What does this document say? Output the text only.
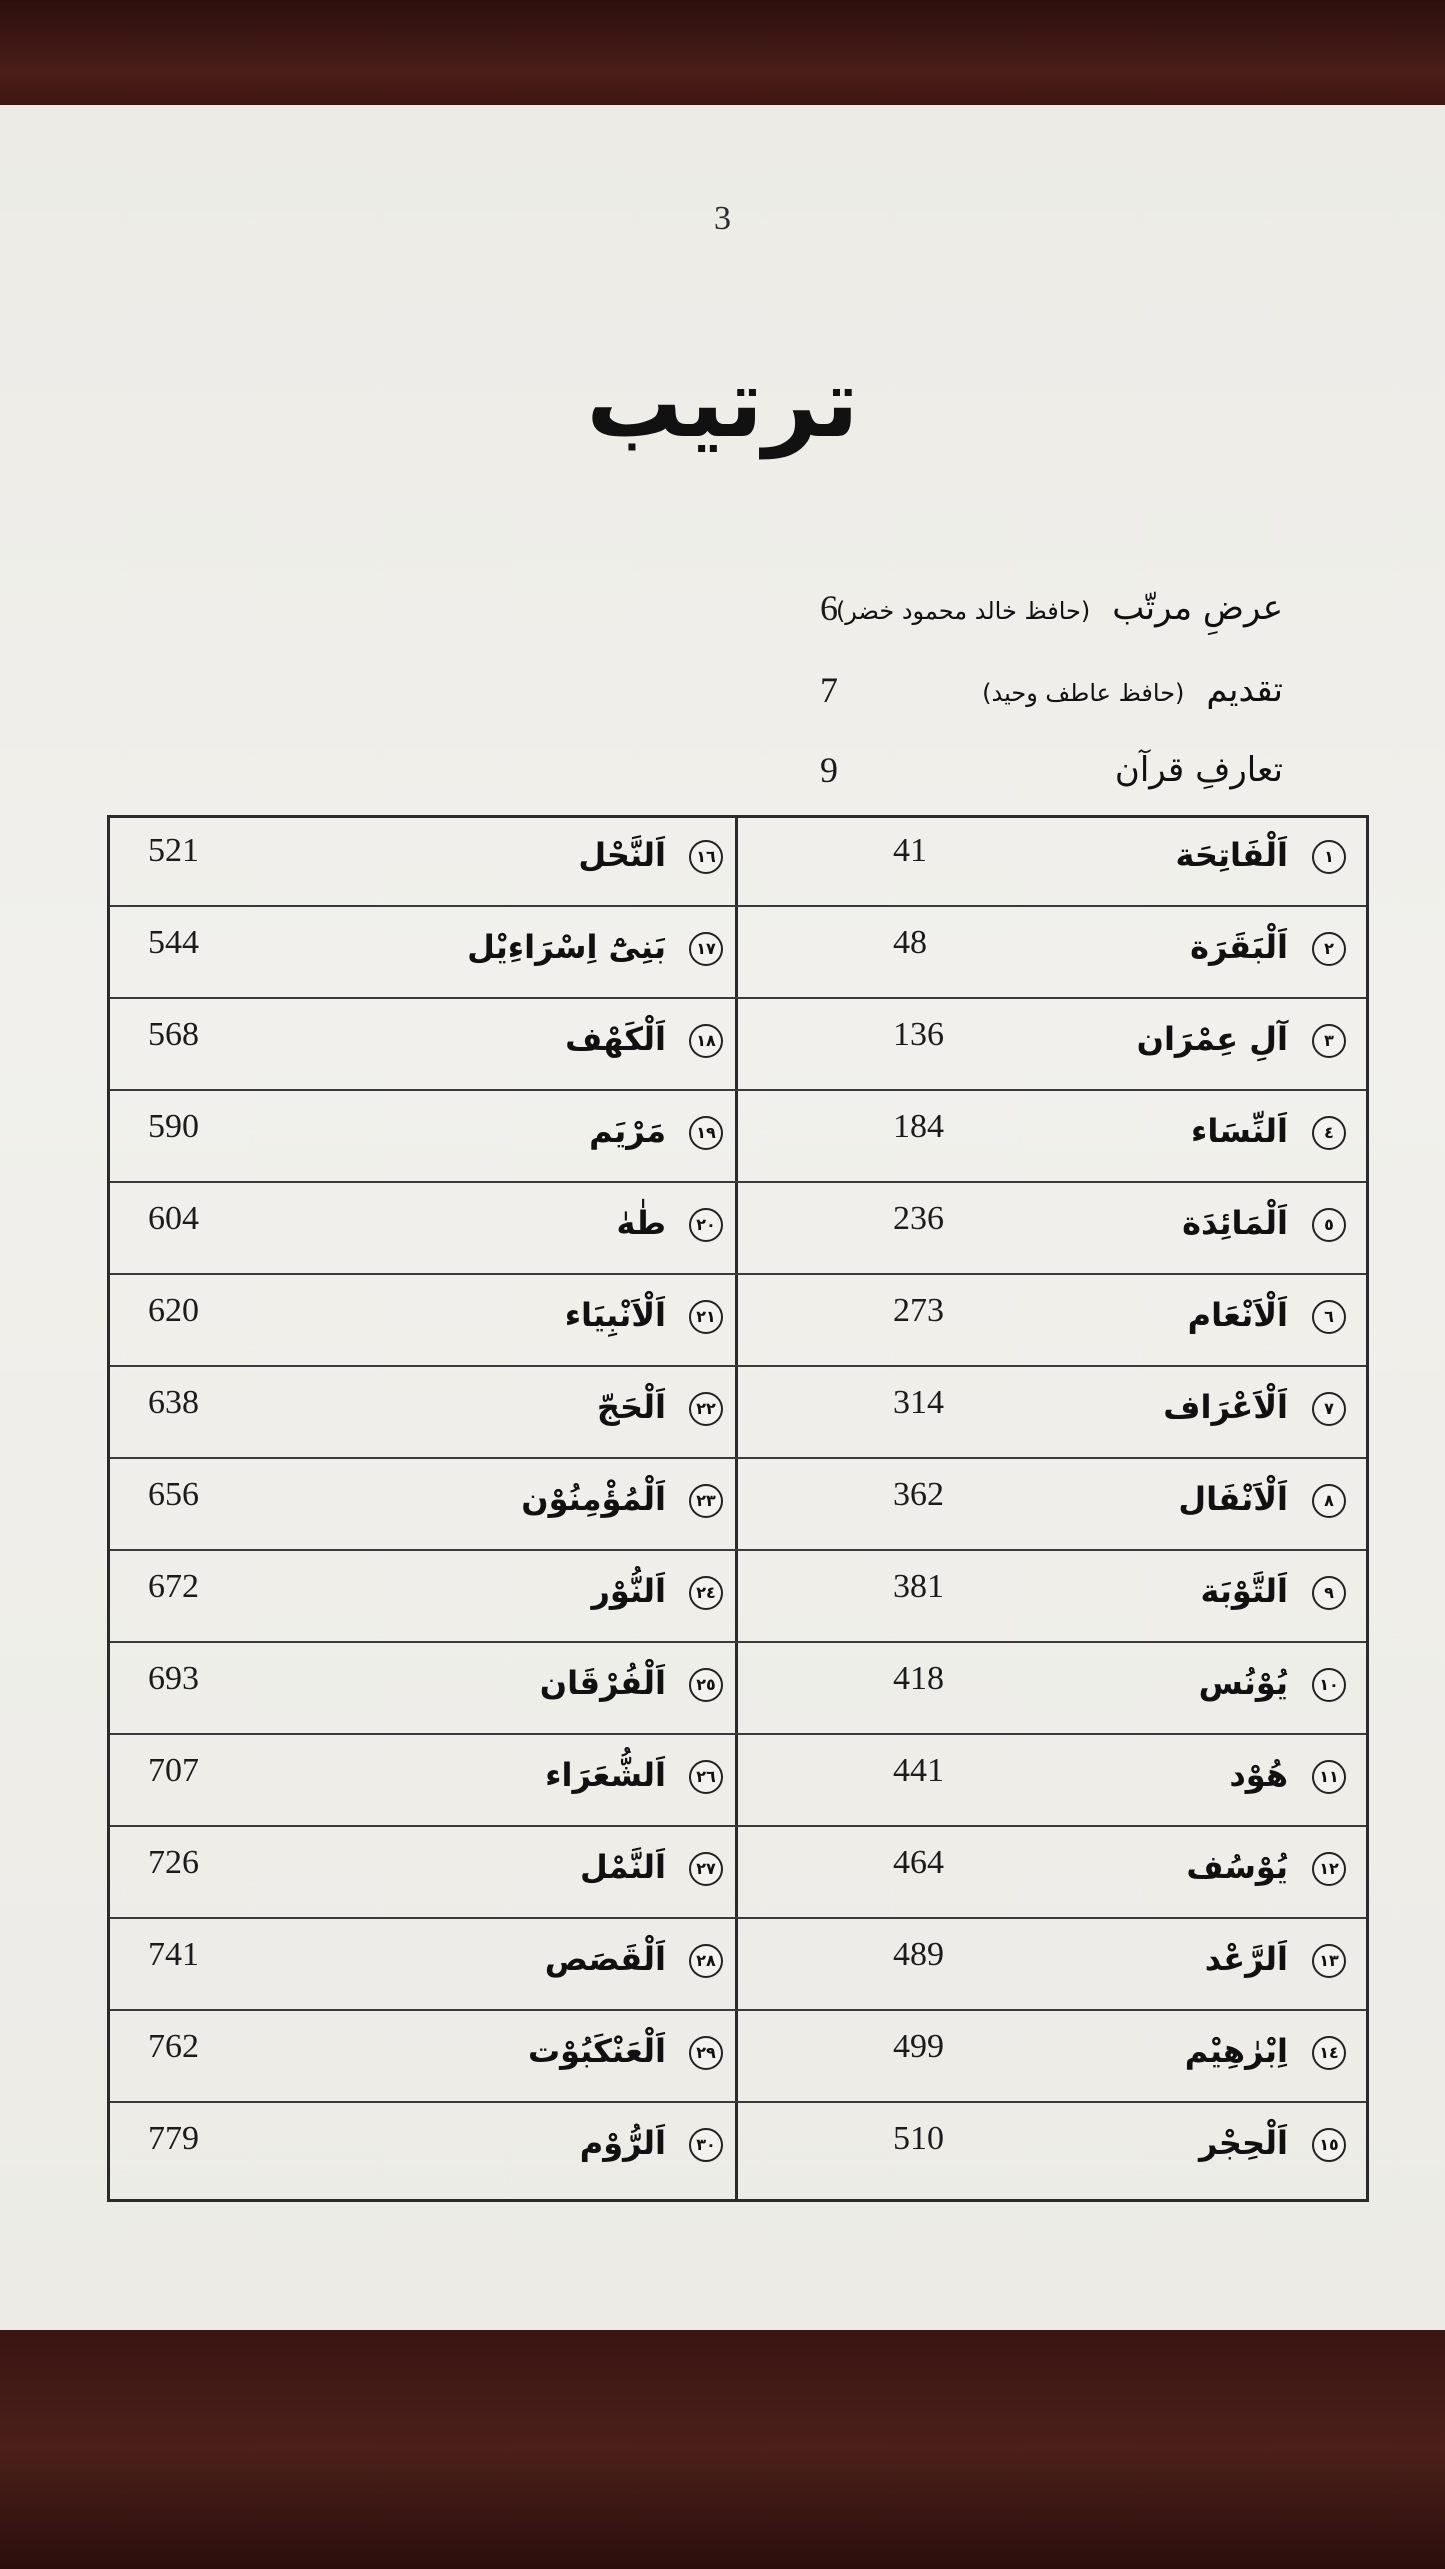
3
ترتیب
6	عرضِ مرتّب(حافظ خالد محمود خضر)
7	تقدیم(حافظ عاطف وحید)
9	تعارفِ قرآن
41	اَلْفَاتِحَة	١
48	اَلْبَقَرَة	٢
136	آلِ عِمْرَان	٣
184	اَلنِّسَاء	٤
236	اَلْمَائِدَة	٥
273	اَلْاَنْعَام	٦
314	اَلْاَعْرَاف	٧
362	اَلْاَنْفَال	٨
381	اَلتَّوْبَة	٩
418	يُوْنُس	١٠
441	هُوْد	١١
464	يُوْسُف	١٢
489	اَلرَّعْد	١٣
499	اِبْرٰهِيْم	١٤
510	اَلْحِجْر	١٥
521	اَلنَّحْل	١٦
544	بَنِیْٓ اِسْرَاءِیْل	١٧
568	اَلْكَهْف	١٨
590	مَرْيَم	١٩
604	طٰهٰ	٢٠
620	اَلْاَنْبِيَاء	٢١
638	اَلْحَجّ	٢٢
656	اَلْمُؤْمِنُوْن	٢٣
672	اَلنُّوْر	٢٤
693	اَلْفُرْقَان	٢٥
707	اَلشُّعَرَاء	٢٦
726	اَلنَّمْل	٢٧
741	اَلْقَصَص	٢٨
762	اَلْعَنْكَبُوْت	٢٩
779	اَلرُّوْم	٣٠
